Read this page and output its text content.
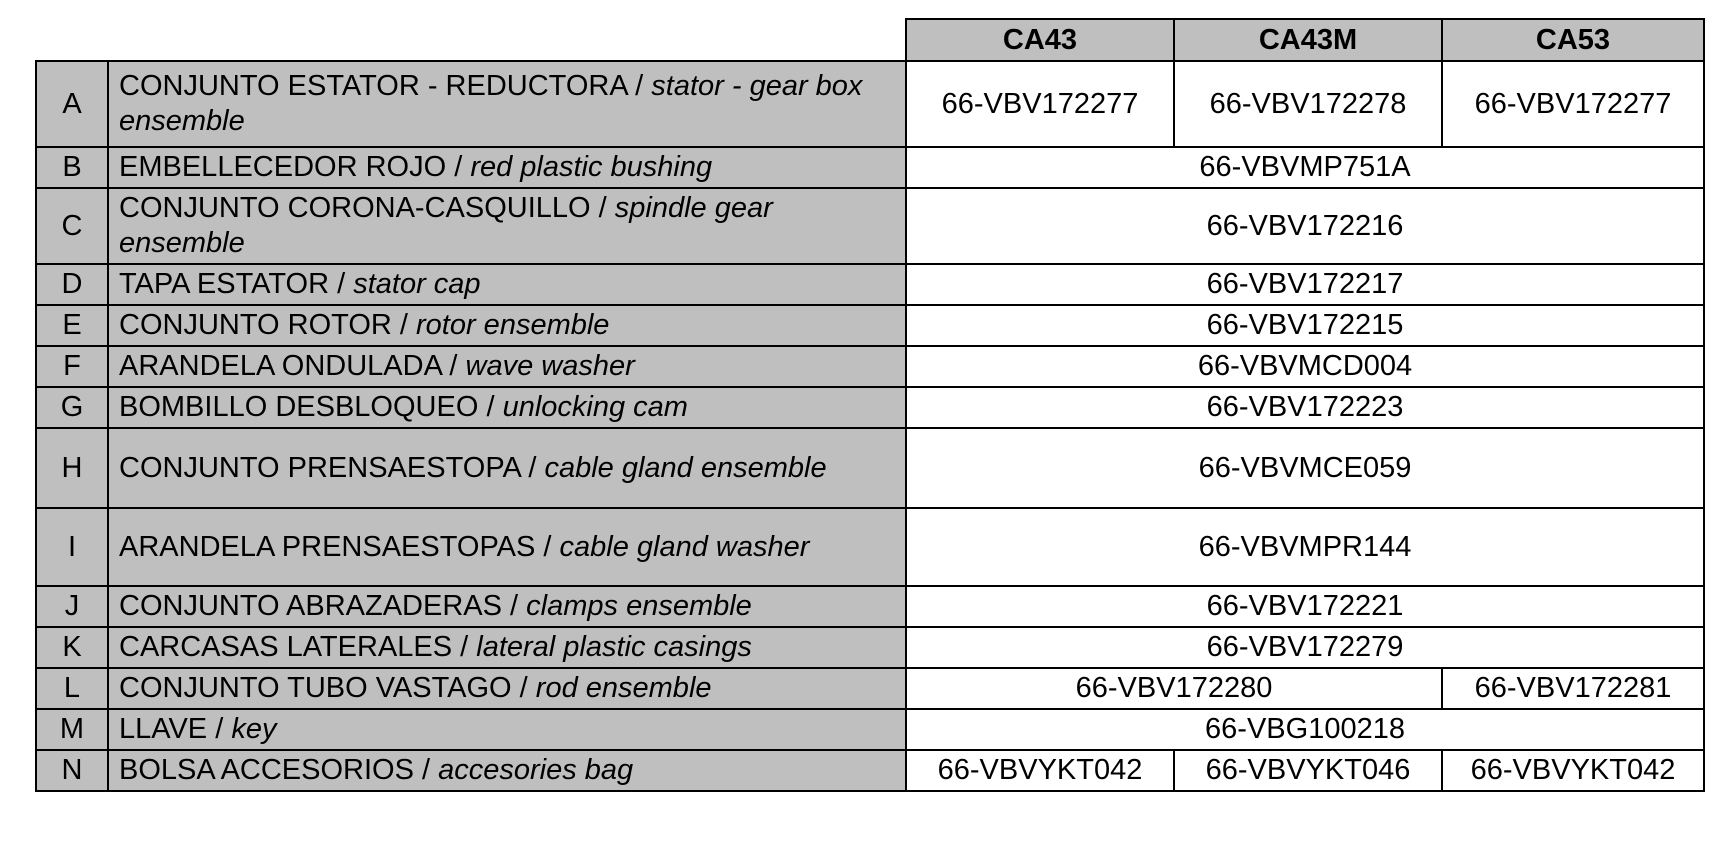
		CA43	CA43M	CA53
A	CONJUNTO ESTATOR - REDUCTORA / stator - gear box ensemble	66-VBV172277	66-VBV172278	66-VBV172277
B	EMBELLECEDOR ROJO / red plastic bushing	66-VBVMP751A		
C	CONJUNTO CORONA-CASQUILLO / spindle gear ensemble	66-VBV172216		
D	TAPA ESTATOR / stator cap	66-VBV172217		
E	CONJUNTO ROTOR / rotor ensemble	66-VBV172215		
F	ARANDELA ONDULADA / wave washer	66-VBVMCD004		
G	BOMBILLO DESBLOQUEO / unlocking cam	66-VBV172223		
H	CONJUNTO PRENSAESTOPA / cable gland ensemble	66-VBVMCE059		
I	ARANDELA PRENSAESTOPAS / cable gland washer	66-VBVMPR144		
J	CONJUNTO ABRAZADERAS / clamps ensemble	66-VBV172221		
K	CARCASAS LATERALES / lateral plastic casings	66-VBV172279		
L	CONJUNTO TUBO VASTAGO / rod ensemble	66-VBV172280		66-VBV172281
M	LLAVE / key	66-VBG100218		
N	BOLSA ACCESORIOS / accesories bag	66-VBVYKT042	66-VBVYKT046	66-VBVYKT042
